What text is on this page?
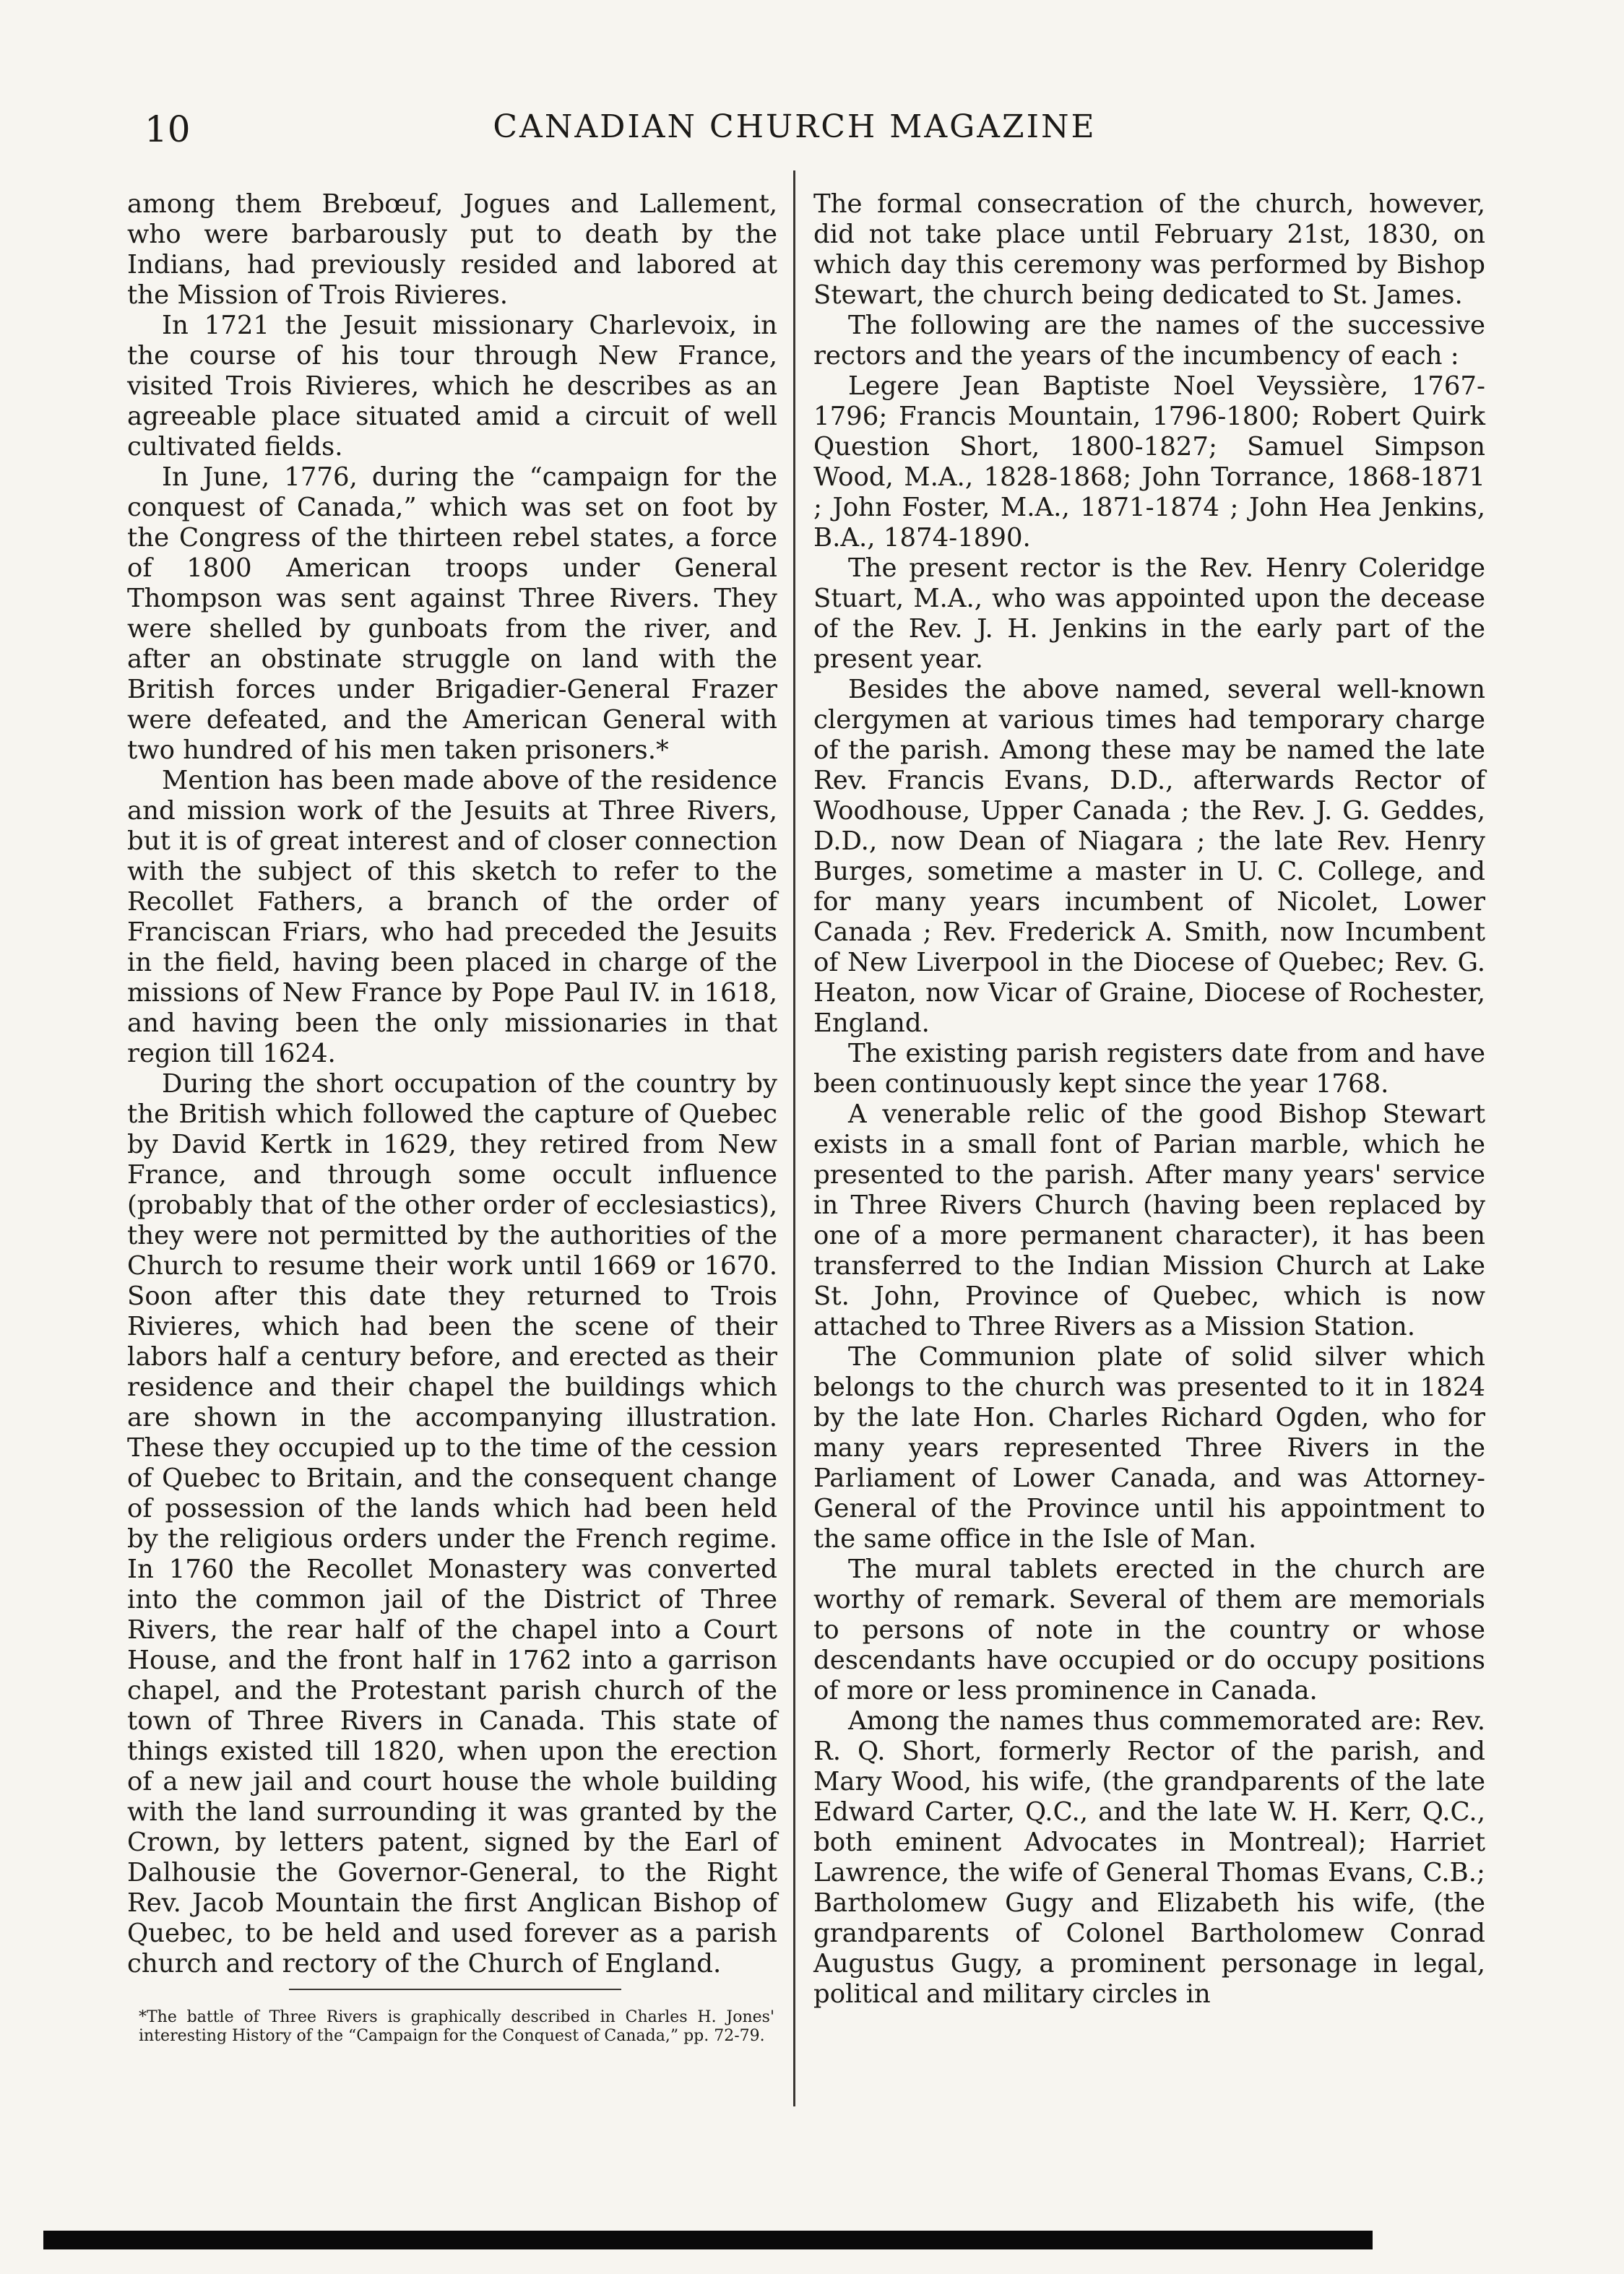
10	CANADIAN CHURCH MAGAZINE

among them Brebœuf, Jogues and Lallement, who were barbarously put to death by the Indians, had previously resided and labored at the Mission of Trois Rivieres.

In 1721 the Jesuit missionary Charlevoix, in the course of his tour through New France, visited Trois Rivieres, which he describes as an agreeable place situated amid a circuit of well cultivated fields.

In June, 1776, during the “campaign for the conquest of Canada,” which was set on foot by the Congress of the thirteen rebel states, a force of 1800 American troops under General Thompson was sent against Three Rivers. They were shelled by gunboats from the river, and after an obstinate struggle on land with the British forces under Brigadier-General Frazer were defeated, and the American General with two hundred of his men taken prisoners.*

Mention has been made above of the residence and mission work of the Jesuits at Three Rivers, but it is of great interest and of closer connection with the subject of this sketch to refer to the Recollet Fathers, a branch of the order of Franciscan Friars, who had preceded the Jesuits in the field, having been placed in charge of the missions of New France by Pope Paul IV. in 1618, and having been the only missionaries in that region till 1624.

During the short occupation of the country by the British which followed the capture of Quebec by David Kertk in 1629, they retired from New France, and through some occult influence (probably that of the other order of ecclesiastics), they were not permitted by the authorities of the Church to resume their work until 1669 or 1670. Soon after this date they returned to Trois Rivieres, which had been the scene of their labors half a century before, and erected as their residence and their chapel the buildings which are shown in the accompanying illustration. These they occupied up to the time of the cession of Quebec to Britain, and the consequent change of possession of the lands which had been held by the religious orders under the French regime. In 1760 the Recollet Monastery was converted into the common jail of the District of Three Rivers, the rear half of the chapel into a Court House, and the front half in 1762 into a garrison chapel, and the Protestant parish church of the town of Three Rivers in Canada. This state of things existed till 1820, when upon the erection of a new jail and court house the whole building with the land surrounding it was granted by the Crown, by letters patent, signed by the Earl of Dalhousie the Governor-General, to the Right Rev. Jacob Mountain the first Anglican Bishop of Quebec, to be held and used forever as a parish church and rectory of the Church of England.

The formal consecration of the church, however, did not take place until February 21st, 1830, on which day this ceremony was performed by Bishop Stewart, the church being dedicated to St. James.

The following are the names of the successive rectors and the years of the incumbency of each :

Legere Jean Baptiste Noel Veyssière, 1767-1796; Francis Mountain, 1796-1800; Robert Quirk Question Short, 1800-1827; Samuel Simpson Wood, M.A., 1828-1868; John Torrance, 1868-1871 ; John Foster, M.A., 1871-1874 ; John Hea Jenkins, B.A., 1874-1890.

The present rector is the Rev. Henry Coleridge Stuart, M.A., who was appointed upon the decease of the Rev. J. H. Jenkins in the early part of the present year.

Besides the above named, several well-known clergymen at various times had temporary charge of the parish. Among these may be named the late Rev. Francis Evans, D.D., afterwards Rector of Woodhouse, Upper Canada ; the Rev. J. G. Geddes, D.D., now Dean of Niagara ; the late Rev. Henry Burges, sometime a master in U. C. College, and for many years incumbent of Nicolet, Lower Canada ; Rev. Frederick A. Smith, now Incumbent of New Liverpool in the Diocese of Quebec; Rev. G. Heaton, now Vicar of Graine, Diocese of Rochester, England.

The existing parish registers date from and have been continuously kept since the year 1768.

A venerable relic of the good Bishop Stewart exists in a small font of Parian marble, which he presented to the parish. After many years' service in Three Rivers Church (having been replaced by one of a more permanent character), it has been transferred to the Indian Mission Church at Lake St. John, Province of Quebec, which is now attached to Three Rivers as a Mission Station.

The Communion plate of solid silver which belongs to the church was presented to it in 1824 by the late Hon. Charles Richard Ogden, who for many years represented Three Rivers in the Parliament of Lower Canada, and was Attorney-General of the Province until his appointment to the same office in the Isle of Man.

The mural tablets erected in the church are worthy of remark. Several of them are memorials to persons of note in the country or whose descendants have occupied or do occupy positions of more or less prominence in Canada.

Among the names thus commemorated are: Rev. R. Q. Short, formerly Rector of the parish, and Mary Wood, his wife, (the grandparents of the late Edward Carter, Q.C., and the late W. H. Kerr, Q.C., both eminent Advocates in Montreal); Harriet Lawrence, the wife of General Thomas Evans, C.B.; Bartholomew Gugy and Elizabeth his wife, (the grandparents of Colonel Bartholomew Conrad Augustus Gugy, a prominent personage in legal, political and military circles in

*The battle of Three Rivers is graphically described in Charles H. Jones' interesting History of the “Campaign for the Conquest of Canada,” pp. 72-79.
